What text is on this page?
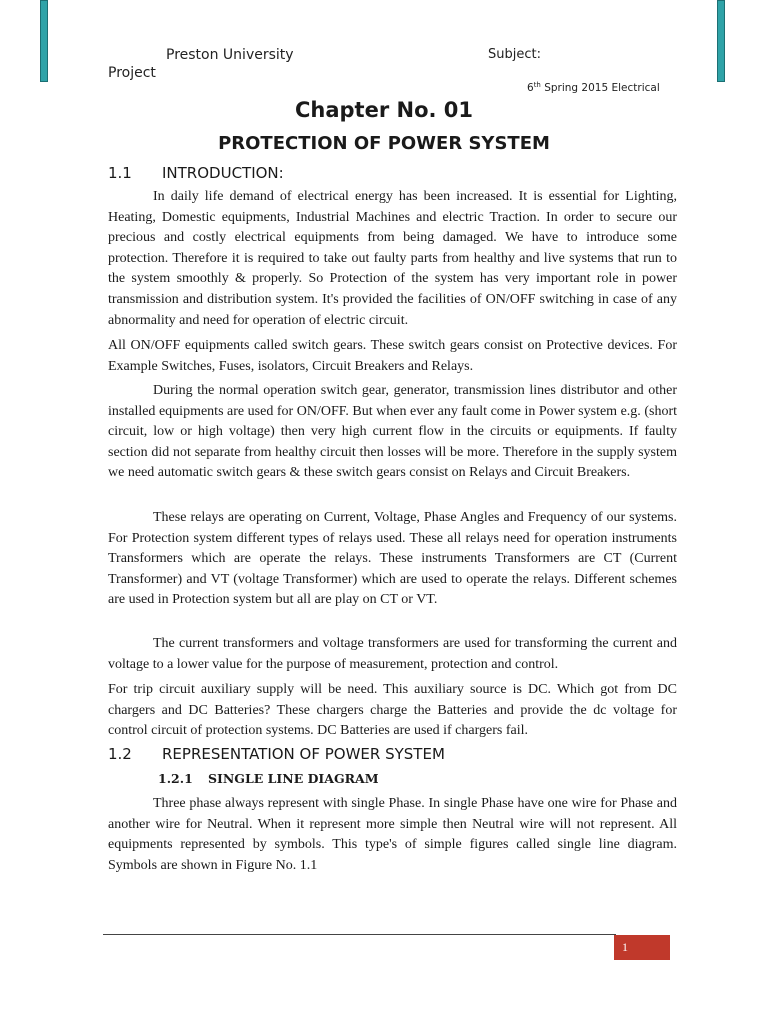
Preston University	Subject:
Project
6th Spring 2015 Electrical
Chapter No. 01
PROTECTION OF POWER SYSTEM
1.1 INTRODUCTION:

In daily life demand of electrical energy has been increased. It is essential for Lighting, Heating, Domestic equipments, Industrial Machines and electric Traction. In order to secure our precious and costly electrical equipments from being damaged. We have to introduce some protection. Therefore it is required to take out faulty parts from healthy and live systems that run to the system smoothly & properly. So Protection of the system has very important role in power transmission and distribution system. It's provided the facilities of ON/OFF switching in case of any abnormality and need for operation of electric circuit.

All ON/OFF equipments called switch gears. These switch gears consist on Protective devices. For Example Switches, Fuses, isolators, Circuit Breakers and Relays.

During the normal operation switch gear, generator, transmission lines distributor and other installed equipments are used for ON/OFF. But when ever any fault come in Power system e.g. (short circuit, low or high voltage) then very high current flow in the circuits or equipments. If faulty section did not separate from healthy circuit then losses will be more. Therefore in the supply system we need automatic switch gears & these switch gears consist on Relays and Circuit Breakers.

These relays are operating on Current, Voltage, Phase Angles and Frequency of our systems. For Protection system different types of relays used. These all relays need for operation instruments Transformers which are operate the relays. These instruments Transformers are CT (Current Transformer) and VT (voltage Transformer) which are used to operate the relays. Different schemes are used in Protection system but all are play on CT or VT.

The current transformers and voltage transformers are used for transforming the current and voltage to a lower value for the purpose of measurement, protection and control.

For trip circuit auxiliary supply will be need. This auxiliary source is DC. Which got from DC chargers and DC Batteries? These chargers charge the Batteries and provide the dc voltage for control circuit of protection systems. DC Batteries are used if chargers fail.

1.2 REPRESENTATION OF POWER SYSTEM
1.2.1 SINGLE LINE DIAGRAM

Three phase always represent with single Phase. In single Phase have one wire for Phase and another wire for Neutral. When it represent more simple then Neutral wire will not represent. All equipments represented by symbols. This type's of simple figures called single line diagram. Symbols are shown in Figure No. 1.1

1
